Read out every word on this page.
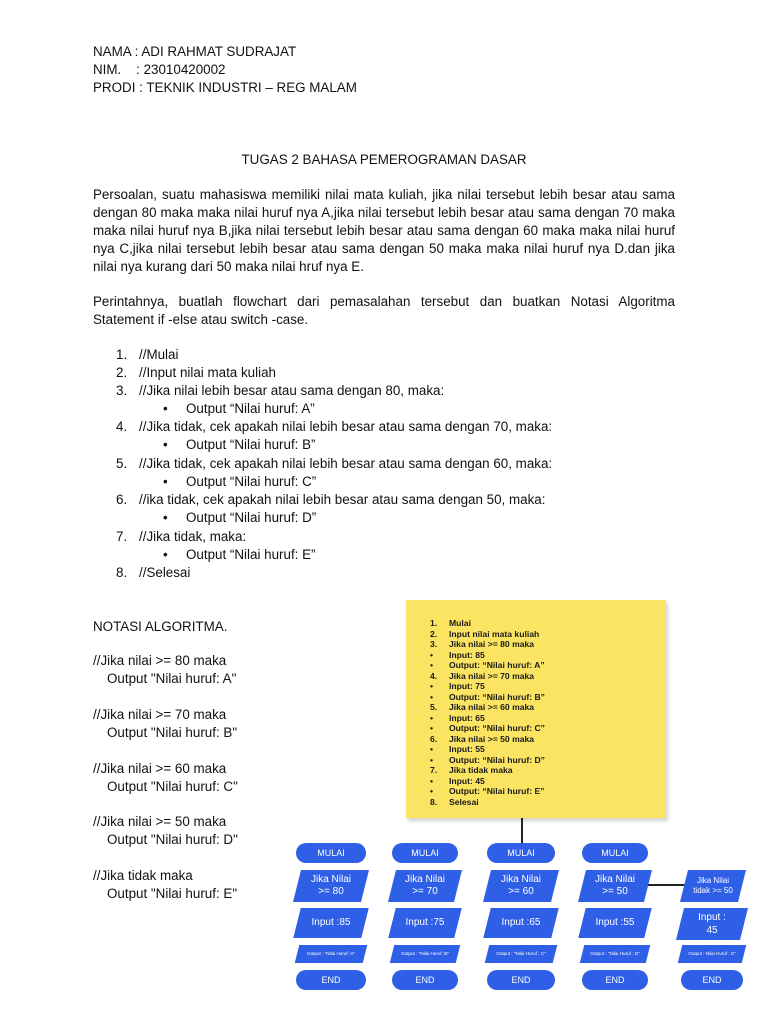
NAMA : ADI RAHMAT SUDRAJAT
NIM.    : 23010420002
PRODI : TEKNIK INDUSTRI – REG MALAM
TUGAS 2 BAHASA PEMEROGRAMAN DASAR
Persoalan, suatu mahasiswa memiliki nilai mata kuliah, jika nilai tersebut lebih besar atau sama dengan 80 maka maka nilai huruf nya A,jika nilai tersebut lebih besar atau sama dengan 70 maka maka nilai huruf nya B,jika nilai tersebut lebih besar atau sama dengan 60 maka maka nilai huruf nya C,jika nilai tersebut lebih besar atau sama dengan 50 maka maka nilai huruf nya D.dan jika nilai nya kurang dari 50 maka nilai hruf nya E.
Perintahnya, buatlah flowchart dari pemasalahan tersebut dan buatkan Notasi Algoritma Statement if -else atau switch -case.
1. //Mulai
2. //Input nilai mata kuliah
3. //Jika nilai lebih besar atau sama dengan 80, maka:
• Output “Nilai huruf: A”
4. //Jika tidak, cek apakah nilai lebih besar atau sama dengan 70, maka:
• Output “Nilai huruf: B”
5. //Jika tidak, cek apakah nilai lebih besar atau sama dengan 60, maka:
• Output “Nilai huruf: C”
6. //ika tidak, cek apakah nilai lebih besar atau sama dengan 50, maka:
• Output “Nilai huruf: D”
7. //Jika tidak, maka:
• Output “Nilai huruf: E”
8. //Selesai
NOTASI ALGORITMA.
//Jika nilai >= 80 maka
Output "Nilai huruf: A"
//Jika nilai >= 70 maka
Output "Nilai huruf: B"
//Jika nilai >= 60 maka
Output "Nilai huruf: C"
//Jika nilai >= 50 maka
Output "Nilai huruf: D"
//Jika tidak maka
Output "Nilai huruf: E"
1. Mulai
2. Input nilai mata kuliah
3. Jika nilai >= 80 maka
• Input: 85
• Output: “Nilai huruf: A”
4. Jika nilai >= 70 maka
• Input: 75
• Output: “Nilai huruf: B”
5. Jika nilai >= 60 maka
• Input: 65
• Output: “Nilai huruf: C”
6. Jika nilai >= 50 maka
• Input: 55
• Output: “Nilai huruf: D”
7. Jika tidak maka
• Input: 45
• Output: “Nilai huruf: E”
8. Selesai
MULAI
Jika Nilai
>= 80
Input :85
Output : "Nilai Huruf :A"
END
MULAI
Jika Nilai
>= 70
Input :75
Output : "Nilai Huruf :B"
END
MULAI
Jika Nilai
>= 60
Input :65
Output : "Nilai Huruf : C"
END
MULAI
Jika Nilai
>= 50
Input :55
Output : "Nilai Huruf : D"
END
Jika Nilai
tidak >= 50
Input :
45
Output : Nilai Huruf : E"
END
